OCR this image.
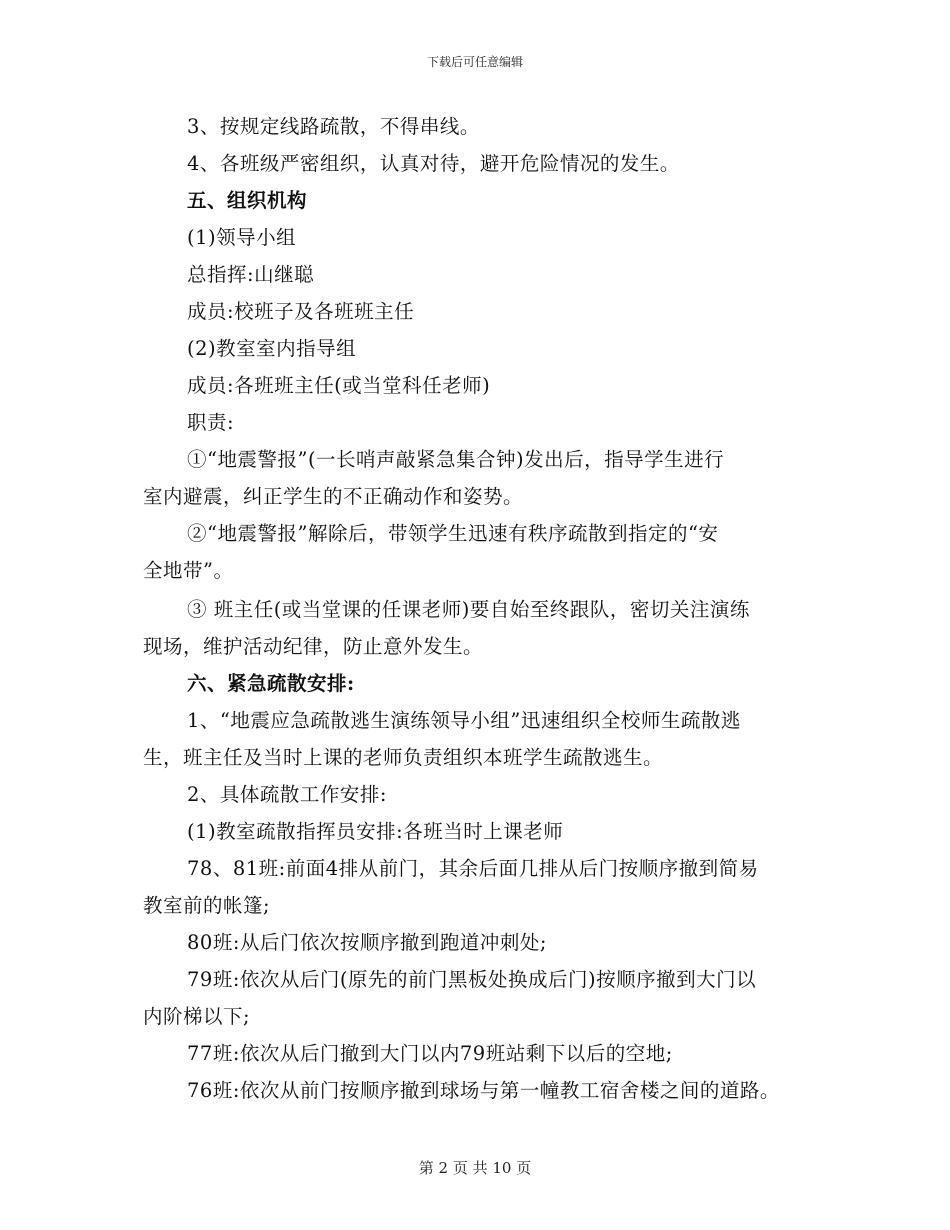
下载后可任意编辑
3、按规定线路疏散，不得串线。
4、各班级严密组织，认真对待，避开危险情况的发生。
五、组织机构
(1)领导小组
总指挥:山继聪
成员:校班子及各班班主任
(2)教室室内指导组
成员:各班班主任(或当堂科任老师)
职责:
①“地震警报”(一长哨声敲紧急集合钟)发出后，指导学生进行
室内避震，纠正学生的不正确动作和姿势。
②“地震警报”解除后，带领学生迅速有秩序疏散到指定的“安
全地带”。
③ 班主任(或当堂课的任课老师)要自始至终跟队，密切关注演练
现场，维护活动纪律，防止意外发生。
六、紧急疏散安排:
1、“地震应急疏散逃生演练领导小组”迅速组织全校师生疏散逃
生，班主任及当时上课的老师负责组织本班学生疏散逃生。
2、具体疏散工作安排:
(1)教室疏散指挥员安排:各班当时上课老师
78、81班:前面4排从前门，其余后面几排从后门按顺序撤到简易
教室前的帐篷;
80班:从后门依次按顺序撤到跑道冲刺处;
79班:依次从后门(原先的前门黑板处换成后门)按顺序撤到大门以
内阶梯以下;
77班:依次从后门撤到大门以内79班站剩下以后的空地;
76班:依次从前门按顺序撤到球场与第一幢教工宿舍楼之间的道路。
第 2 页 共 10 页
